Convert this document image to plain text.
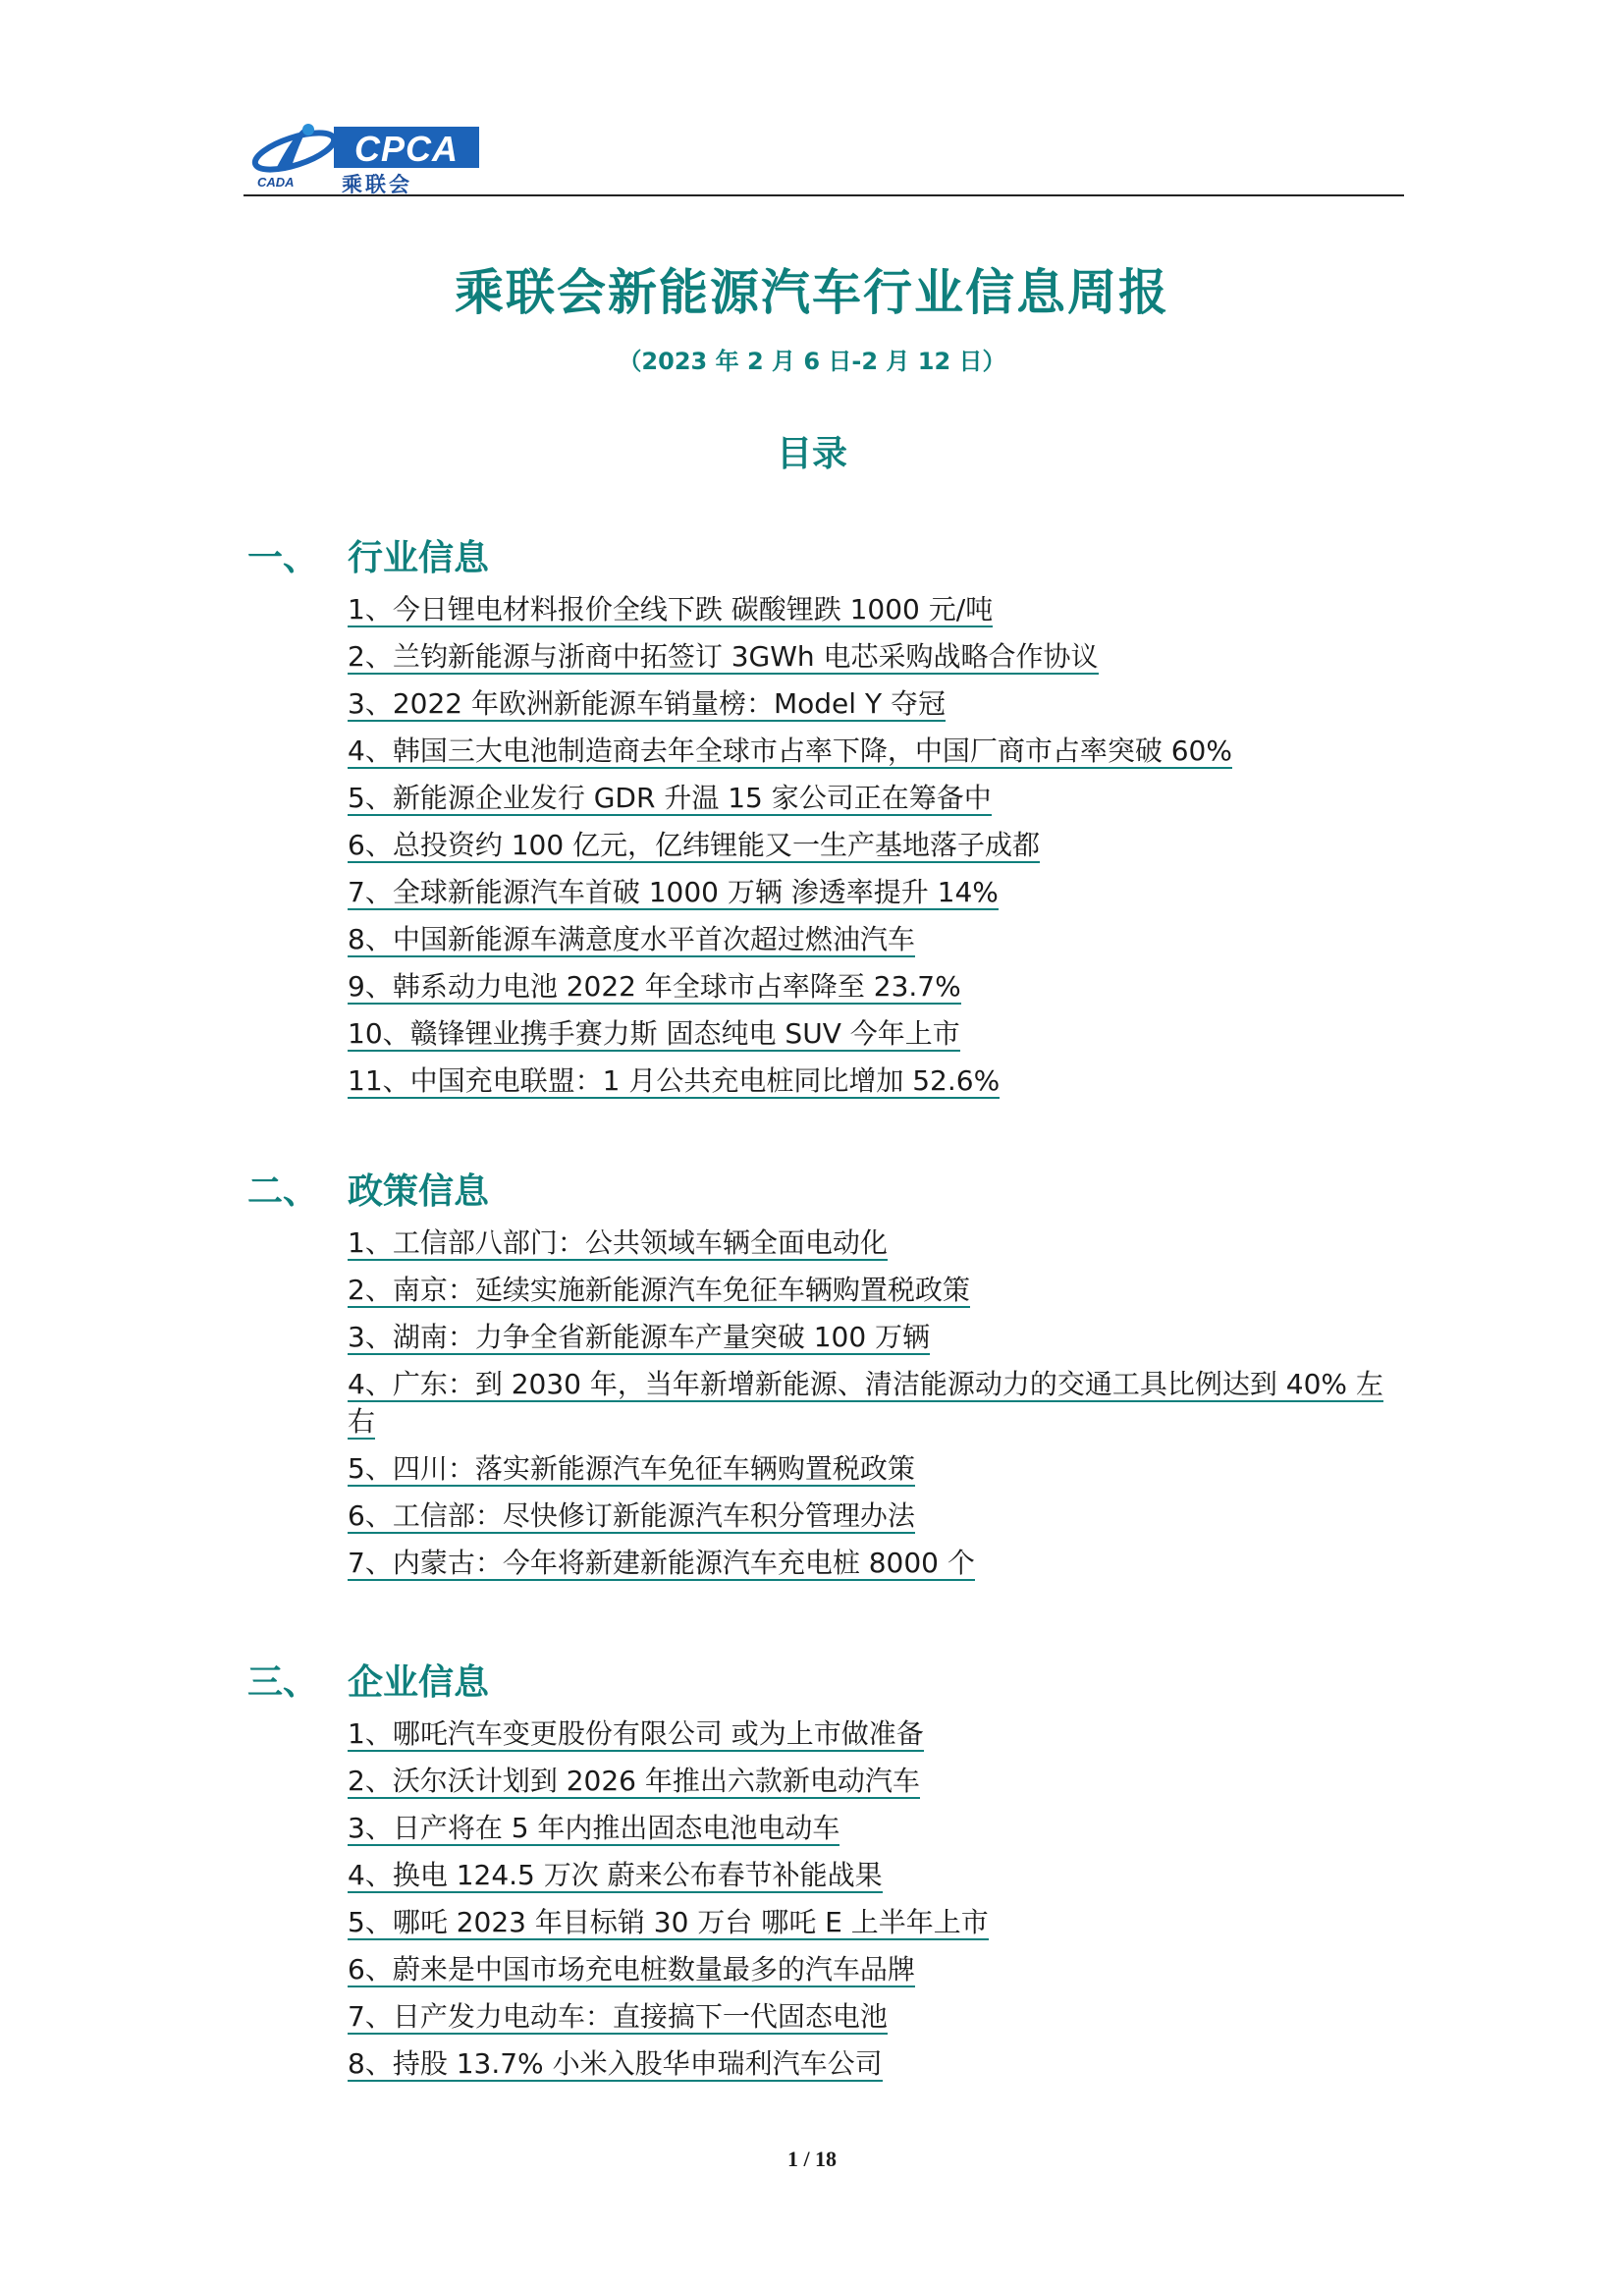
CPCA
CADA 乘联会
乘联会新能源汽车行业信息周报
（2023 年 2 月 6 日-2 月 12 日）
目录
一、 行业信息
1、今日锂电材料报价全线下跌 碳酸锂跌 1000 元/吨
2、兰钧新能源与浙商中拓签订 3GWh 电芯采购战略合作协议
3、2022 年欧洲新能源车销量榜：Model Y 夺冠
4、韩国三大电池制造商去年全球市占率下降，中国厂商市占率突破 60%
5、新能源企业发行 GDR 升温 15 家公司正在筹备中
6、总投资约 100 亿元，亿纬锂能又一生产基地落子成都
7、全球新能源汽车首破 1000 万辆 渗透率提升 14%
8、中国新能源车满意度水平首次超过燃油汽车
9、韩系动力电池 2022 年全球市占率降至 23.7%
10、赣锋锂业携手赛力斯 固态纯电 SUV 今年上市
11、中国充电联盟：1 月公共充电桩同比增加 52.6%
二、 政策信息
1、工信部八部门：公共领域车辆全面电动化
2、南京：延续实施新能源汽车免征车辆购置税政策
3、湖南：力争全省新能源车产量突破 100 万辆
4、广东：到 2030 年，当年新增新能源、清洁能源动力的交通工具比例达到 40% 左右
5、四川：落实新能源汽车免征车辆购置税政策
6、工信部：尽快修订新能源汽车积分管理办法
7、内蒙古：今年将新建新能源汽车充电桩 8000 个
三、 企业信息
1、哪吒汽车变更股份有限公司 或为上市做准备
2、沃尔沃计划到 2026 年推出六款新电动汽车
3、日产将在 5 年内推出固态电池电动车
4、换电 124.5 万次 蔚来公布春节补能战果
5、哪吒 2023 年目标销 30 万台 哪吒 E 上半年上市
6、蔚来是中国市场充电桩数量最多的汽车品牌
7、日产发力电动车：直接搞下一代固态电池
8、持股 13.7% 小米入股华申瑞利汽车公司
1 / 18
